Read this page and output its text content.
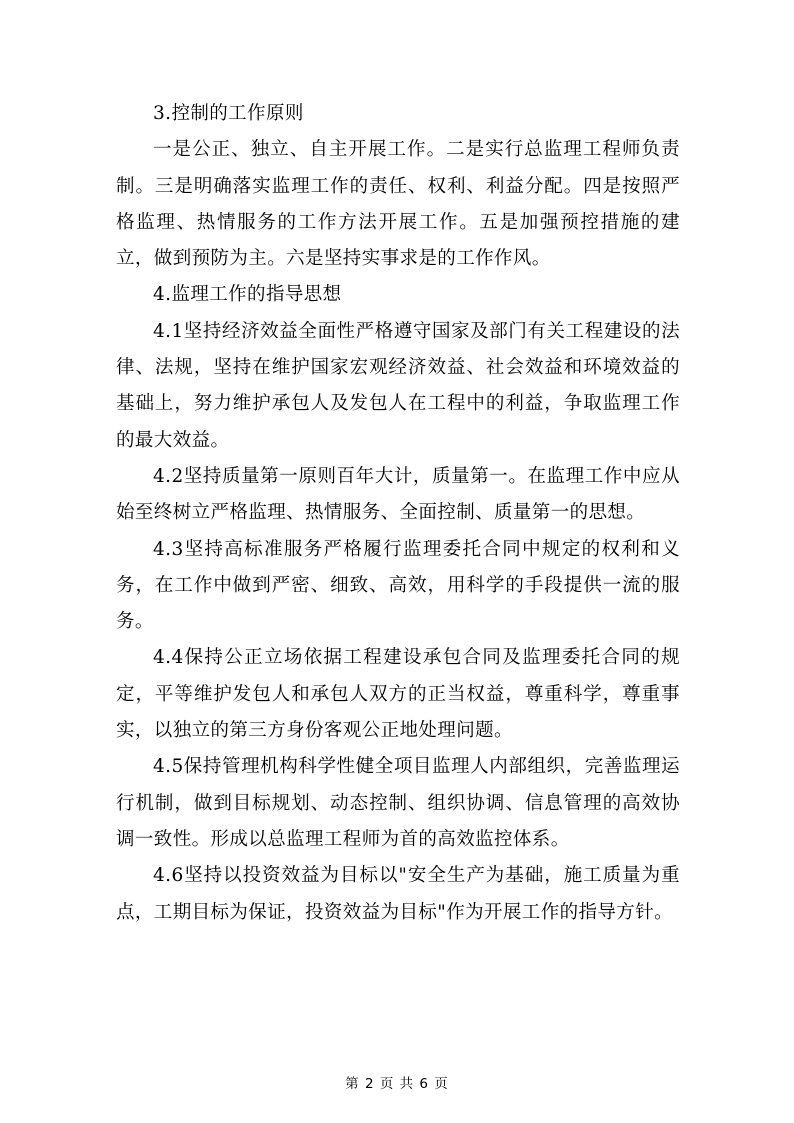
3.控制的工作原则

一是公正、独立、自主开展工作。二是实行总监理工程师负责制。三是明确落实监理工作的责任、权利、利益分配。四是按照严格监理、热情服务的工作方法开展工作。五是加强预控措施的建立，做到预防为主。六是坚持实事求是的工作作风。

4.监理工作的指导思想

4.1坚持经济效益全面性严格遵守国家及部门有关工程建设的法律、法规，坚持在维护国家宏观经济效益、社会效益和环境效益的基础上，努力维护承包人及发包人在工程中的利益，争取监理工作的最大效益。

4.2坚持质量第一原则百年大计，质量第一。在监理工作中应从始至终树立严格监理、热情服务、全面控制、质量第一的思想。

4.3坚持高标准服务严格履行监理委托合同中规定的权利和义务，在工作中做到严密、细致、高效，用科学的手段提供一流的服务。

4.4保持公正立场依据工程建设承包合同及监理委托合同的规定，平等维护发包人和承包人双方的正当权益，尊重科学，尊重事实，以独立的第三方身份客观公正地处理问题。

4.5保持管理机构科学性健全项目监理人内部组织，完善监理运行机制，做到目标规划、动态控制、组织协调、信息管理的高效协调一致性。形成以总监理工程师为首的高效监控体系。

4.6坚持以投资效益为目标以"安全生产为基础，施工质量为重点，工期目标为保证，投资效益为目标"作为开展工作的指导方针。

第 2 页 共 6 页
